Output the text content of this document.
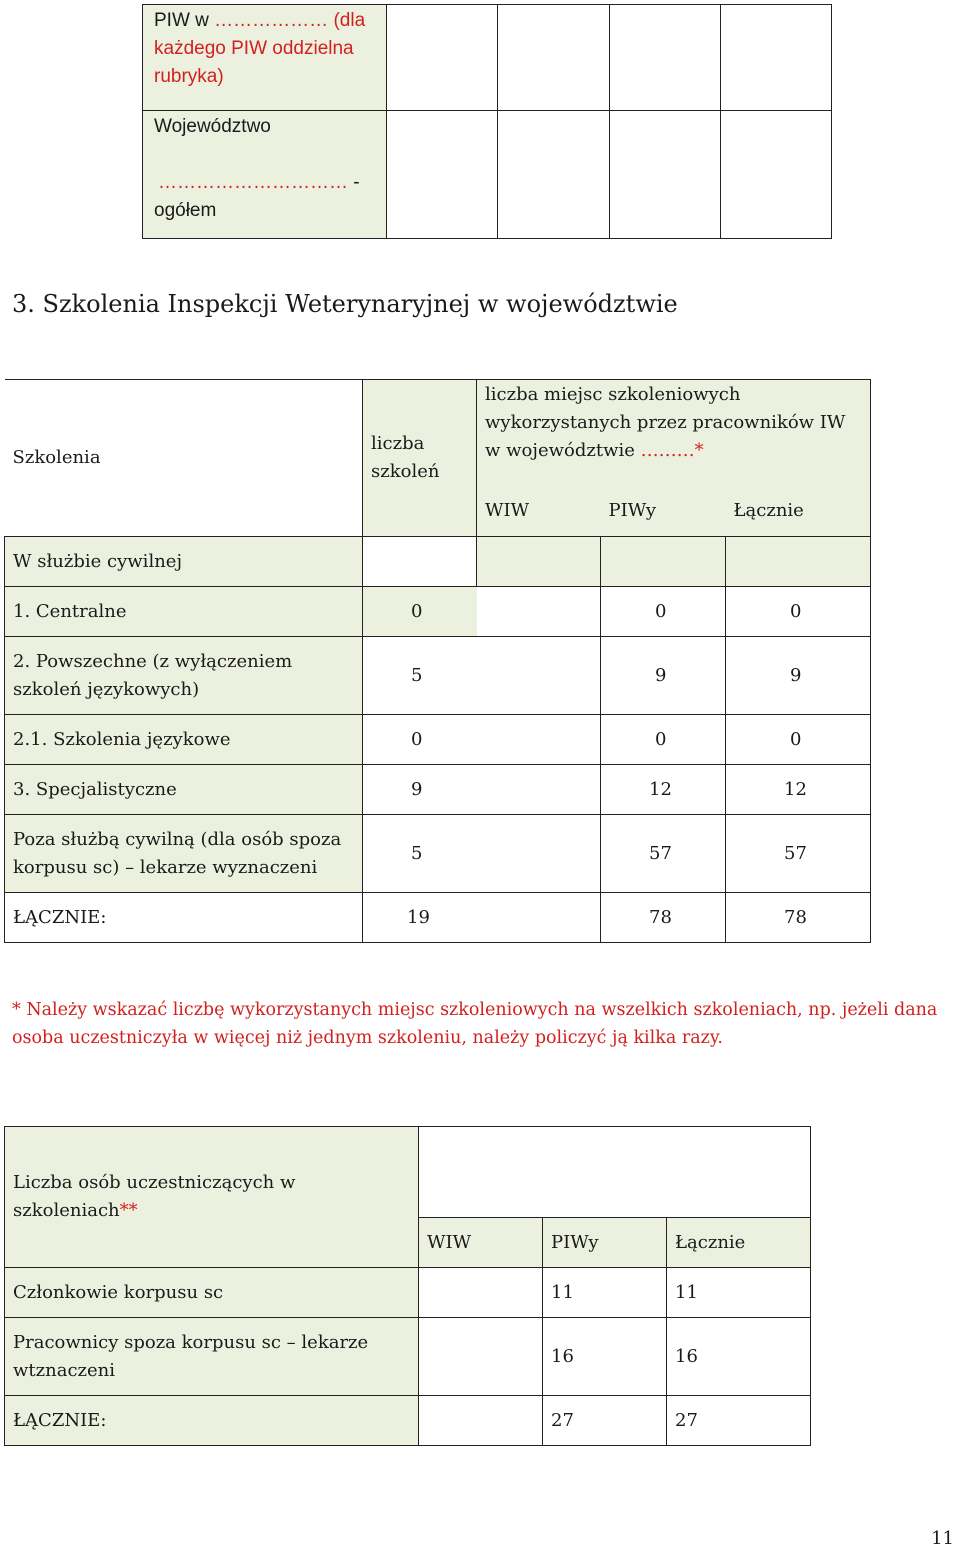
PIW w ……………… (dla
każdego PIW oddzielna
rubryka)				
Województwo

………………………… -
ogółem				
3. Szkolenia Inspekcji Weterynaryjnej w województwie
Szkolenia	liczba szkoleń	liczba miejsc szkoleniowych wykorzystanych przez pracowników IW w województwie ………*		
		WIW	PIWy	Łącznie
W służbie cywilnej				
1. Centralne	0		0	0
2. Powszechne (z wyłączeniem szkoleń językowych)	5		9	9
2.1. Szkolenia językowe	0		0	0
3. Specjalistyczne	9		12	12
Poza służbą cywilną (dla osób spoza korpusu sc) – lekarze wyznaczeni	5		57	57
ŁĄCZNIE:	19		78	78

* Należy wskazać liczbę wykorzystanych miejsc szkoleniowych na wszelkich szkoleniach, np. jeżeli dana osoba uczestniczyła w więcej niż jednym szkoleniu, należy policzyć ją kilka razy.

Liczba osób uczestniczących w szkoleniach**			
	WIW	PIWy	Łącznie
Członkowie korpusu sc		11	11
Pracownicy spoza korpusu sc – lekarze wtznaczeni		16	16
ŁĄCZNIE:		27	27
11
